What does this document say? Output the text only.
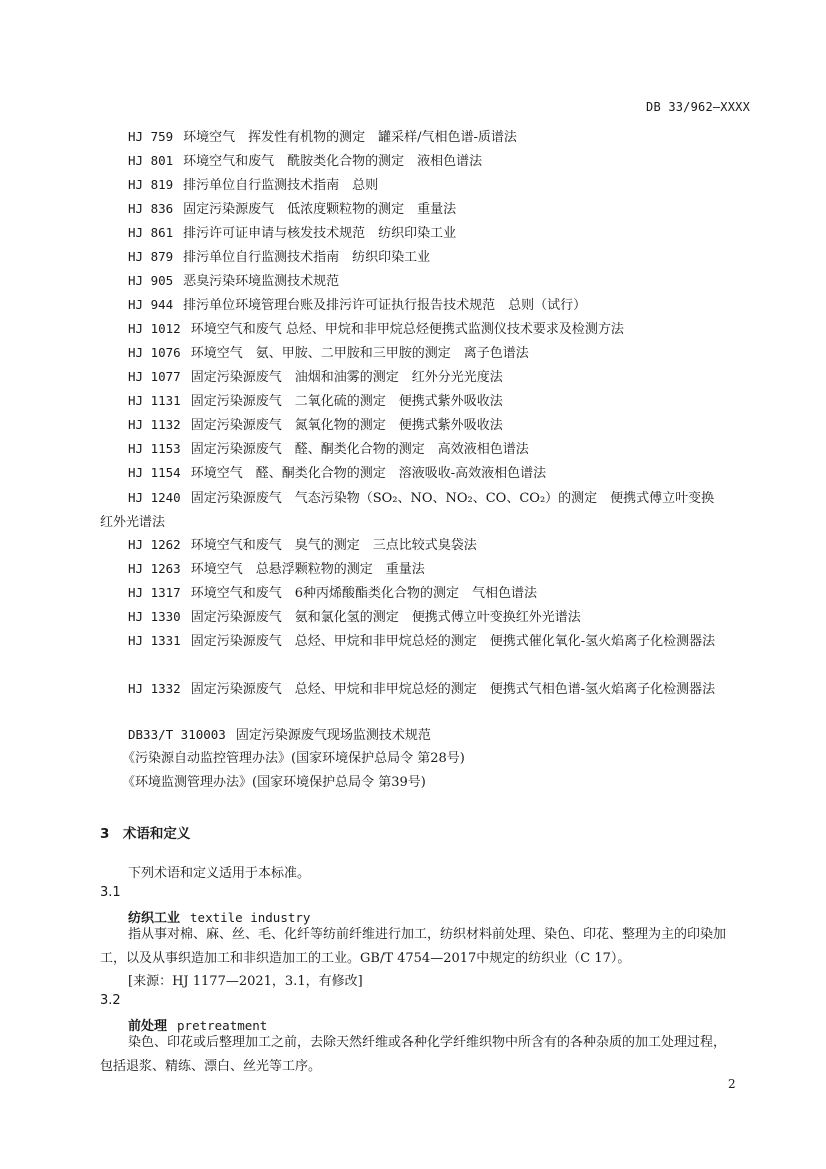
DB 33/962—XXXX
HJ 759 环境空气　挥发性有机物的测定　罐采样/气相色谱-质谱法
HJ 801 环境空气和废气　酰胺类化合物的测定　液相色谱法
HJ 819 排污单位自行监测技术指南　总则
HJ 836 固定污染源废气　低浓度颗粒物的测定　重量法
HJ 861 排污许可证申请与核发技术规范　纺织印染工业
HJ 879 排污单位自行监测技术指南　纺织印染工业
HJ 905 恶臭污染环境监测技术规范
HJ 944 排污单位环境管理台账及排污许可证执行报告技术规范　总则（试行）
HJ 1012 环境空气和废气 总烃、甲烷和非甲烷总烃便携式监测仪技术要求及检测方法
HJ 1076 环境空气　氨、甲胺、二甲胺和三甲胺的测定　离子色谱法
HJ 1077 固定污染源废气　油烟和油雾的测定　红外分光光度法
HJ 1131 固定污染源废气　二氧化硫的测定　便携式紫外吸收法
HJ 1132 固定污染源废气　氮氧化物的测定　便携式紫外吸收法
HJ 1153 固定污染源废气　醛、酮类化合物的测定　高效液相色谱法
HJ 1154 环境空气　醛、酮类化合物的测定　溶液吸收-高效液相色谱法
HJ 1240 固定污染源废气　气态污染物（SO₂、NO、NO₂、CO、CO₂）的测定　便携式傅立叶变换红外光谱法
HJ 1262 环境空气和废气　臭气的测定　三点比较式臭袋法
HJ 1263 环境空气　总悬浮颗粒物的测定　重量法
HJ 1317 环境空气和废气　6种丙烯酸酯类化合物的测定　气相色谱法
HJ 1330 固定污染源废气　氨和氯化氢的测定　便携式傅立叶变换红外光谱法
HJ 1331 固定污染源废气　总烃、甲烷和非甲烷总烃的测定　便携式催化氧化-氢火焰离子化检测器法
HJ 1332 固定污染源废气　总烃、甲烷和非甲烷总烃的测定　便携式气相色谱-氢火焰离子化检测器法
DB33/T 310003 固定污染源废气现场监测技术规范
《污染源自动监控管理办法》(国家环境保护总局令 第28号)
《环境监测管理办法》(国家环境保护总局令 第39号)
3　术语和定义
下列术语和定义适用于本标准。
3.1
纺织工业 textile industry
指从事对棉、麻、丝、毛、化纤等纺前纤维进行加工，纺织材料前处理、染色、印花、整理为主的印染加工，以及从事织造加工和非织造加工的工业。GB/T 4754—2017中规定的纺织业（C 17）。
[来源：HJ 1177—2021，3.1，有修改]
3.2
前处理 pretreatment
染色、印花或后整理加工之前，去除天然纤维或各种化学纤维织物中所含有的各种杂质的加工处理过程，包括退浆、精练、漂白、丝光等工序。
2
